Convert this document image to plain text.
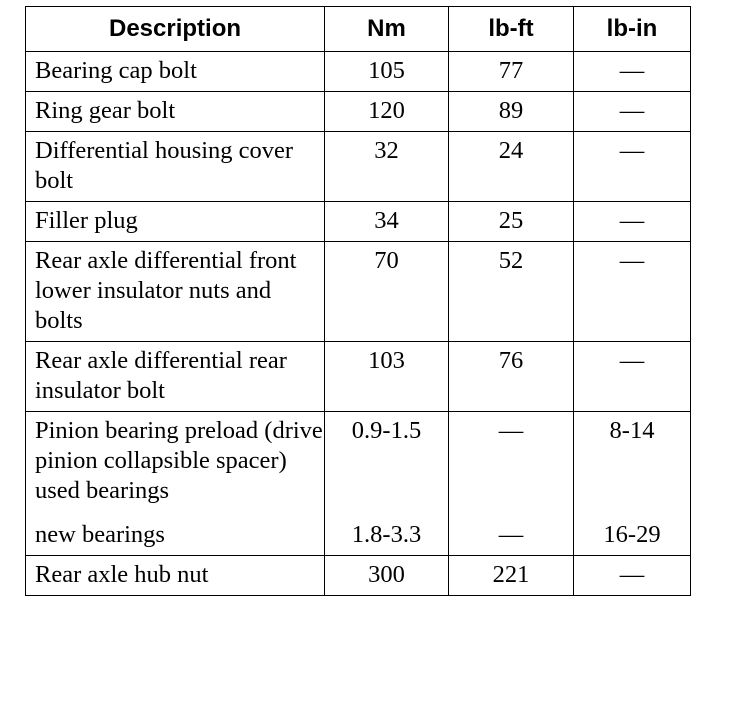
Description	Nm	lb-ft	lb-in
Bearing cap bolt	105	77	—
Ring gear bolt	120	89	—
Differential housing cover bolt	32	24	—
Filler plug	34	25	—
Rear axle differential front lower insulator nuts and bolts	70	52	—
Rear axle differential rear insulator bolt	103	76	—
Pinion bearing preload (drive pinion collapsible spacer) used bearings	0.9-1.5	—	8-14
new bearings	1.8-3.3	—	16-29
Rear axle hub nut	300	221	—
